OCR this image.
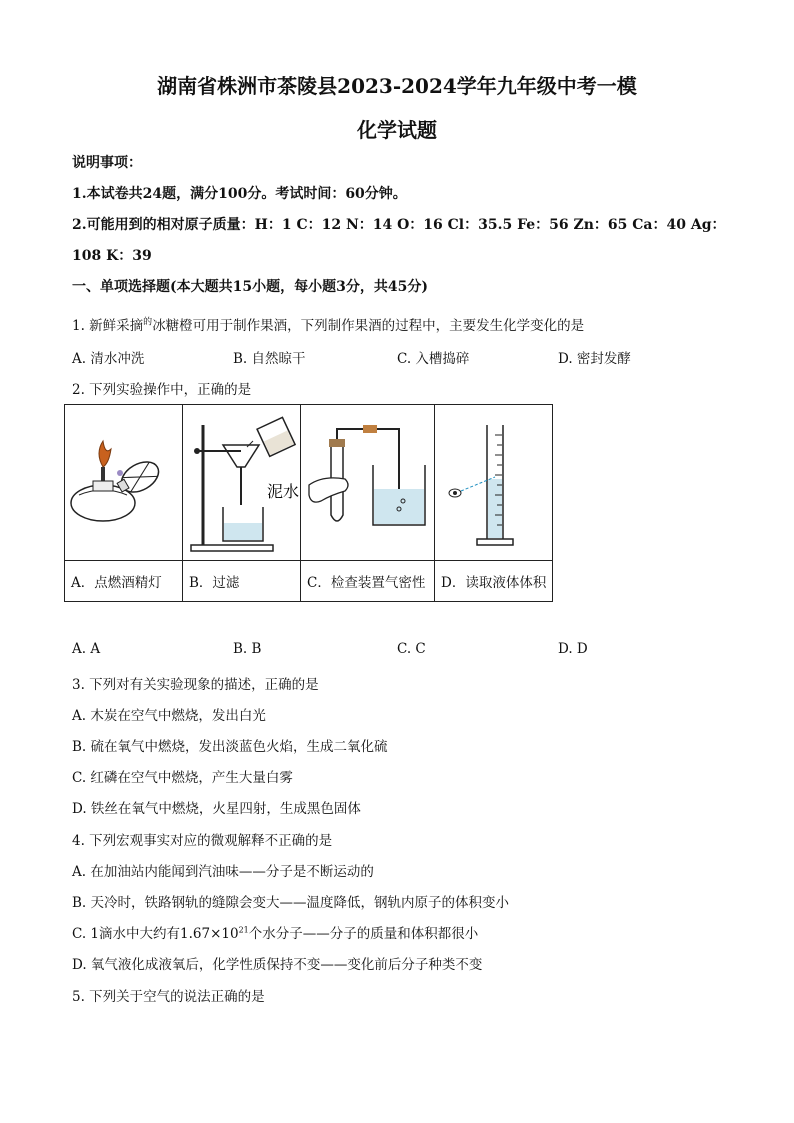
湖南省株洲市茶陵县2023-2024学年九年级中考一模
化学试题
说明事项：
1.本试卷共24题，满分100分。考试时间：60分钟。
2.可能用到的相对原子质量：H：1 C：12 N：14 O：16 Cl：35.5 Fe：56 Zn：65 Ca：40 Ag：
108 K：39
一、单项选择题(本大题共15小题，每小题3分，共45分)
1. 新鲜采摘$^的$冰糖橙可用于制作果酒，下列制作果酒的过程中，主要发生化学变化的是
A. 清水冲洗	B. 自然晾干	C. 入槽捣碎	D. 密封发酵
2. 下列实验操作中，正确的是

泥水

A．点燃酒精灯	B．过滤	C．检查装置气密性	D．读取液体体积
A. A	B. B	C. C	D. D
3. 下列对有关实验现象的描述，正确的是
A. 木炭在空气中燃烧，发出白光
B. 硫在氧气中燃烧，发出淡蓝色火焰，生成二氧化硫
C. 红磷在空气中燃烧，产生大量白雾
D. 铁丝在氧气中燃烧，火星四射，生成黑色固体
4. 下列宏观事实对应的微观解释不正确的是
A. 在加油站内能闻到汽油味——分子是不断运动的
B. 天冷时，铁路钢轨的缝隙会变大——温度降低，钢轨内原子的体积变小
C. 1滴水中大约有$1.67\times 10^{21}$个水分子——分子的质量和体积都很小
D. 氧气液化成液氧后，化学性质保持不变——变化前后分子种类不变
5. 下列关于空气的说法正确的是
